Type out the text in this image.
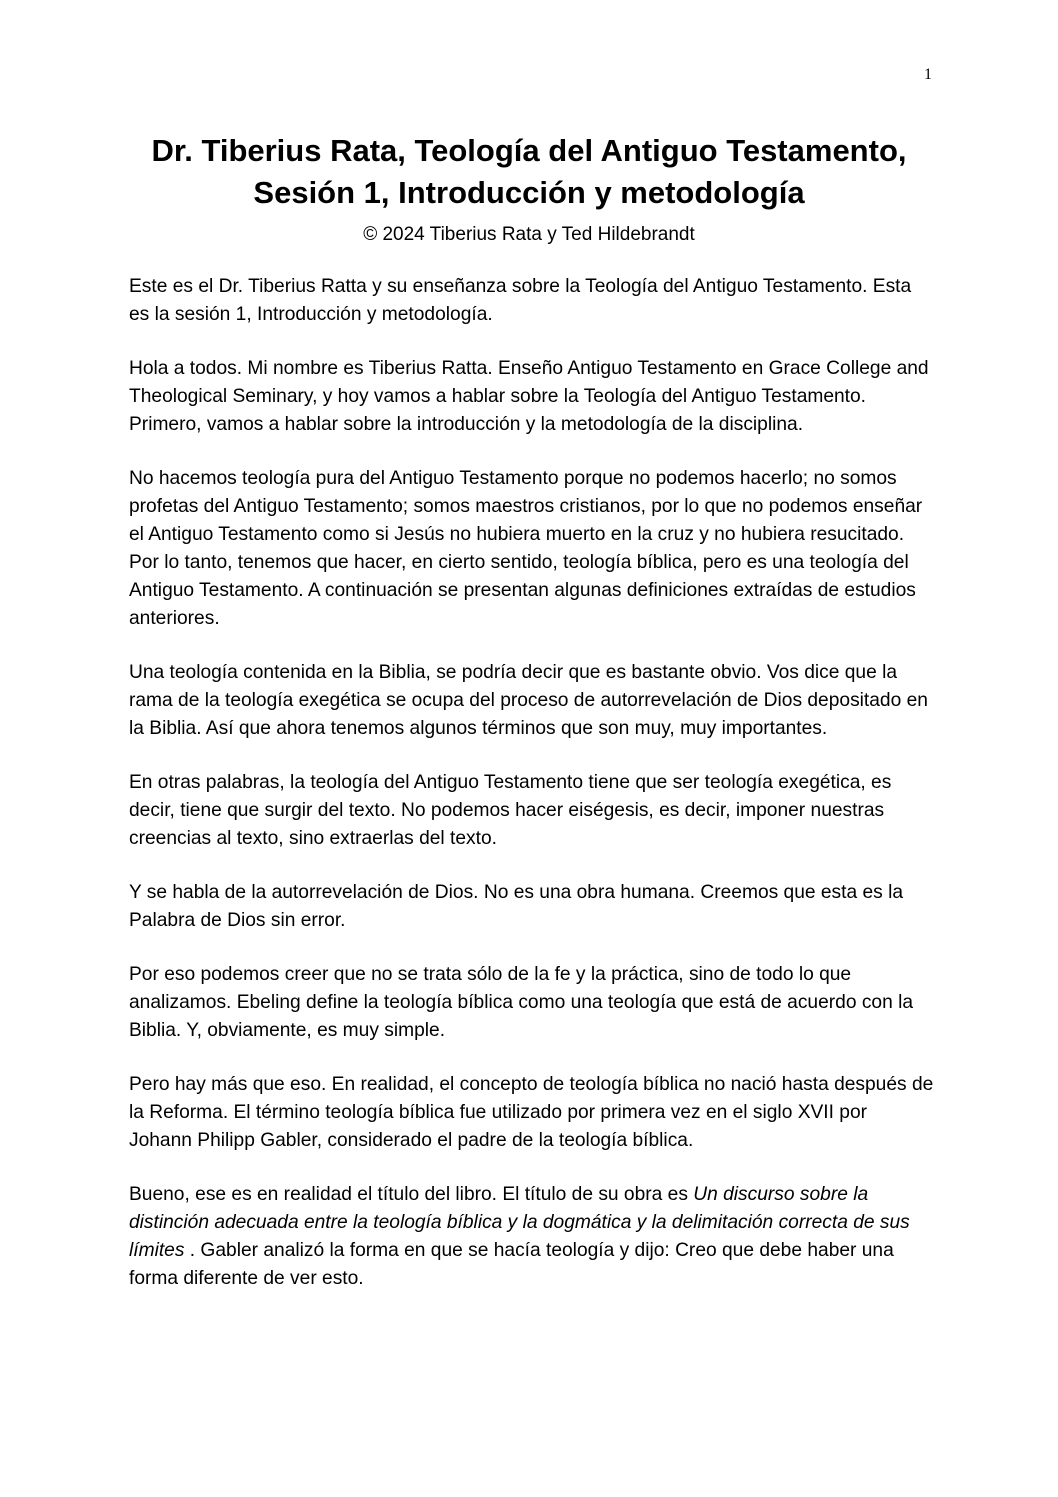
1
Dr. Tiberius Rata, Teología del Antiguo Testamento,
Sesión 1, Introducción y metodología
© 2024 Tiberius Rata y Ted Hildebrandt

Este es el Dr. Tiberius Ratta y su enseñanza sobre la Teología del Antiguo Testamento. Esta es la sesión 1, Introducción y metodología.

Hola a todos. Mi nombre es Tiberius Ratta. Enseño Antiguo Testamento en Grace College and Theological Seminary, y hoy vamos a hablar sobre la Teología del Antiguo Testamento. Primero, vamos a hablar sobre la introducción y la metodología de la disciplina.

No hacemos teología pura del Antiguo Testamento porque no podemos hacerlo; no somos profetas del Antiguo Testamento; somos maestros cristianos, por lo que no podemos enseñar el Antiguo Testamento como si Jesús no hubiera muerto en la cruz y no hubiera resucitado. Por lo tanto, tenemos que hacer, en cierto sentido, teología bíblica, pero es una teología del Antiguo Testamento. A continuación se presentan algunas definiciones extraídas de estudios anteriores.

Una teología contenida en la Biblia, se podría decir que es bastante obvio. Vos dice que la rama de la teología exegética se ocupa del proceso de autorrevelación de Dios depositado en la Biblia. Así que ahora tenemos algunos términos que son muy, muy importantes.

En otras palabras, la teología del Antiguo Testamento tiene que ser teología exegética, es decir, tiene que surgir del texto. No podemos hacer eiségesis, es decir, imponer nuestras creencias al texto, sino extraerlas del texto.

Y se habla de la autorrevelación de Dios. No es una obra humana. Creemos que esta es la Palabra de Dios sin error.

Por eso podemos creer que no se trata sólo de la fe y la práctica, sino de todo lo que analizamos. Ebeling define la teología bíblica como una teología que está de acuerdo con la Biblia. Y, obviamente, es muy simple.

Pero hay más que eso. En realidad, el concepto de teología bíblica no nació hasta después de la Reforma. El término teología bíblica fue utilizado por primera vez en el siglo XVII por Johann Philipp Gabler, considerado el padre de la teología bíblica.

Bueno, ese es en realidad el título del libro. El título de su obra es Un discurso sobre la distinción adecuada entre la teología bíblica y la dogmática y la delimitación correcta de sus límites . Gabler analizó la forma en que se hacía teología y dijo: Creo que debe haber una forma diferente de ver esto.
